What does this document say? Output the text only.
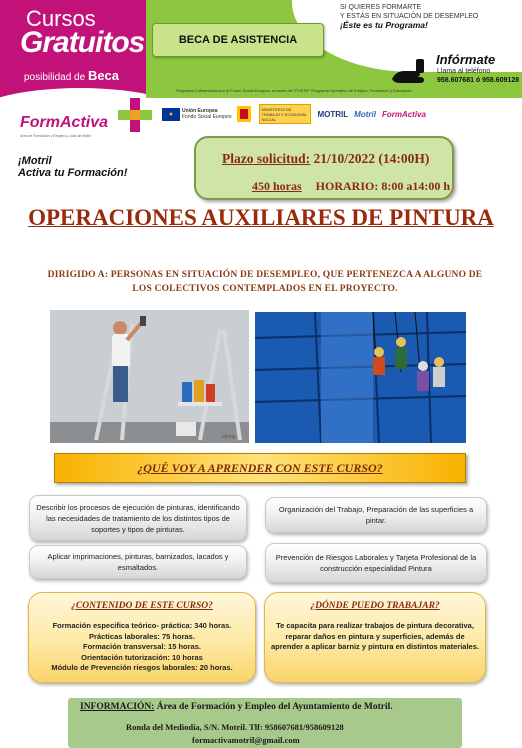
Cursos
Gratuitos
posibilidad de Beca
BECA DE ASISTENCIA
SI QUIERES FORMARTE
Y ESTÁS EN SITUACIÓN DE DESEMPLEO
¡Éste es tu Programa!
Infórmate
Llama al teléfono
958.607681 ó 958.609128
Programa Cofinanciado por el Fondo Social Europeo, a través del "POEFE" Programa Operativo de Empleo, Formación y Educación
FormActiva
Área de Formación y Empleo y Juan de Motril
¡Motril
Activa tu Formación!
★
Unión Europea
Fondo Social Europeo
MINISTERIO DE TRABAJO Y ECONOMÍA SOCIAL
MOTRIL Motril FormActiva
Plazo solicitud: 21/10/2022 (14:00H)
450 horas HORARIO: 8:00 a14:00 h
OPERACIONES AUXILIARES DE PINTURA
DIRIGIDO A: PERSONAS EN SITUACIÓN DE DESEMPLEO, QUE PERTENEZCA A ALGUNO DE LOS COLECTIVOS CONTEMPLADOS EN EL PROYECTO.
alamy
¿QUÉ VOY A APRENDER CON ESTE CURSO?
Describir los procesos de ejecución de pinturas, identificando las necesidades de tratamiento de los distintos tipos de soportes y tipos de pinturas.
Aplicar imprimaciones, pinturas, barnizados, lacados y esmaltados.
Organización del Trabajo, Preparación de las superficies a pintar.
Prevención de Riesgos Laborales y Tarjeta Profesional de la construcción especialidad Pintura
¿CONTENIDO DE ESTE CURSO?
Formación especifica teórico- práctica: 340 horas.
Prácticas laborales: 75 horas.
Formación transversal: 15 horas.
Orientación tutorización: 10 horas
Módulo de Prevención riesgos laborales: 20 horas.
¿DÓNDE PUEDO TRABAJAR?
Te capacita para realizar trabajos de pintura decorativa, reparar daños en pintura y superficies, además de aprender a aplicar barniz y pintura en distintos materiales.
INFORMACIÓN: Área de Formación y Empleo del Ayuntamiento de Motril.
Ronda del Mediodía, S/N. Motril. Tlf: 958607681/958609128
formactivamotril@gmail.com
